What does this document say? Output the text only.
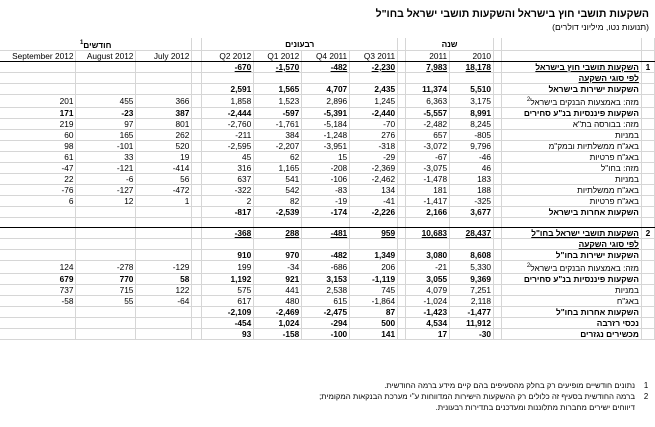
השקעות תושבי חוץ בישראל והשקעות תושבי ישראל בחו"ל
(תנועות נטו, מיליוני דולרים)
חודשים$^1$				רבעונים					שנה				
September 2012	August 2012	July 2012		Q2 2012	Q1 2012	Q4 2011	Q3 2011		2011	2010			
				-670	-1,570	-482	-2,230		7,983	18,178		השקעות תושבי חוץ בישראל	1
												לפי סוגי השקעה	
				2,591	1,565	4,707	2,435		11,374	5,510		השקעות ישירות בישראל	
201	455	366		1,858	1,523	2,896	1,245		6,363	3,175		מזה: באמצעות הבנקים בישראל$^2$	
171	-23	387		-2,444	-597	-5,391	-2,440		-5,557	8,991		השקעות פיננסיות בנ"ע סחירים	
219	97	801		-2,760	-1,761	-5,184	-70		-2,482	8,245		מזה: בבורסה בת"א	
60	165	262		-211	384	-1,248	276		657	-805		במניות	
98	-101	520		-2,595	-2,207	-3,951	-318		-3,072	9,796		באג"ח ממשלתיות ובמק"מ	
61	33	19		45	62	15	-29		-67	-46		באג"ח פרטיות	
-47	-121	-414		316	1,165	-208	-2,369		-3,075	46		מזה: בחו"ל	
22	-6	56		637	541	-106	-2,462		-1,478	183		במניות	
-76	-127	-472		-322	542	-83	134		181	188		באג"ח ממשלתיות	
6	12	1		2	82	-19	-41		-1,417	-325		באג"ח פרטיות	
				-817	-2,539	-174	-2,226		2,166	3,677		השקעות אחרות בישראל	

				-368	288	-481	959		10,683	28,437		השקעות תושבי ישראל בחו"ל	2
												לפי סוגי השקעה	
				910	970	-482	1,349		3,080	8,608		השקעות ישירות בחו"ל	
124	-278	-129		199	-34	-686	206		-21	5,330		מזה: באמצעות הבנקים בישראל$^2$	
679	770	58		1,192	921	3,153	-1,119		3,055	9,369		השקעות פיננסיות בנ"ע סחירים	
737	715	122		575	441	2,538	745		4,079	7,251		במניות	
-58	55	-64		617	480	615	-1,864		-1,024	2,118		באג"ח	
				-2,109	-2,469	-2,475	87		-1,423	-1,477		השקעות אחרות בחו"ל	
				-454	1,024	-294	500		4,534	11,912		נכסי רזרבה	
				93	-158	-100	141		17	-30		מכשירים נגזרים	
1
נתונים חודשיים מופיעים רק בחלק מהסעיפים בהם קיים מידע ברמה החודשית.
2
ברמה החודשית בסעיף זה כלולים רק ההשקעות הישירות המדווחות ע"י מערכת הבנקאות המקומית;
דיווחים ישירים מחברות מתלוננות ומעדכנים בתדירות רבעונית.
